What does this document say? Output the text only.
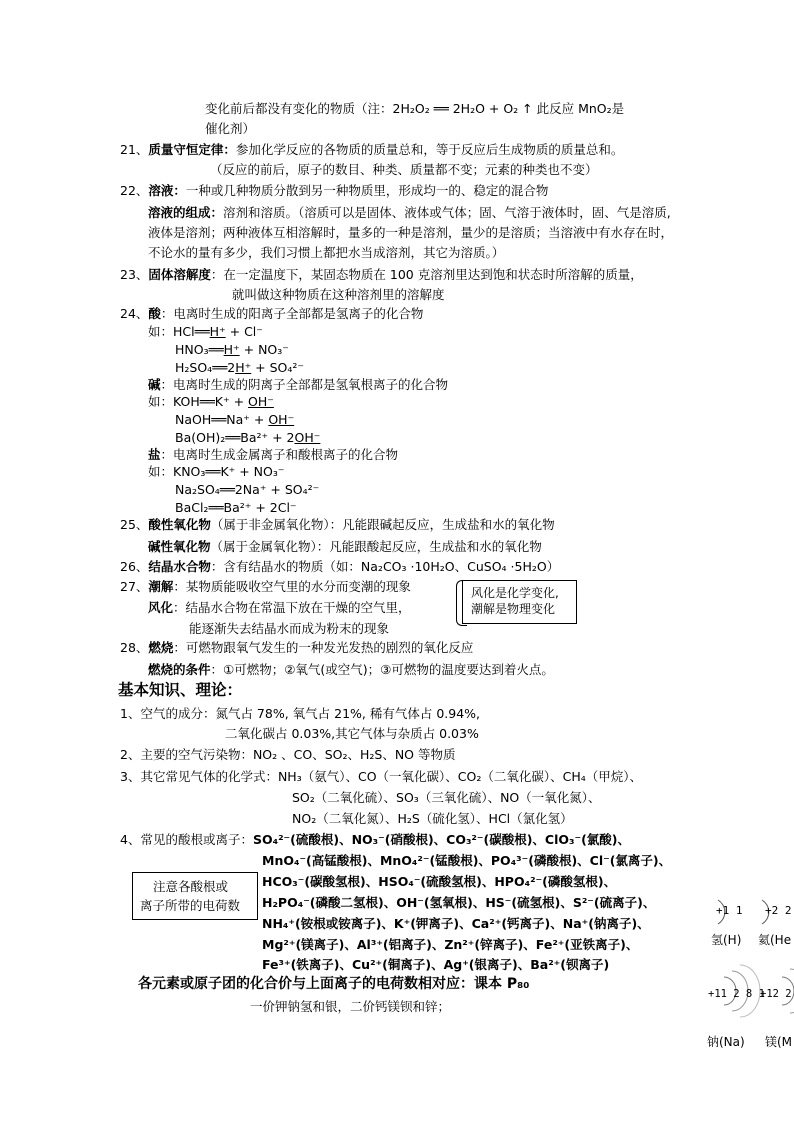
变化前后都没有变化的物质（注：2H₂O₂ ══ 2H₂O + O₂ ↑ 此反应 MnO₂是
催化剂）
21、质量守恒定律：参加化学反应的各物质的质量总和，等于反应后生成物质的质量总和。
（反应的前后，原子的数目、种类、质量都不变；元素的种类也不变）
22、溶液：一种或几种物质分散到另一种物质里，形成均一的、稳定的混合物
溶液的组成：溶剂和溶质。（溶质可以是固体、液体或气体；固、气溶于液体时，固、气是溶质,
液体是溶剂；两种液体互相溶解时，量多的一种是溶剂，量少的是溶质；当溶液中有水存在时，
不论水的量有多少，我们习惯上都把水当成溶剂，其它为溶质。）
23、固体溶解度：在一定温度下，某固态物质在 100 克溶剂里达到饱和状态时所溶解的质量，
就叫做这种物质在这种溶剂里的溶解度
24、酸：电离时生成的阳离子全部都是氢离子的化合物
如：HCl══H⁺ + Cl⁻
HNO₃══H⁺ + NO₃⁻
H₂SO₄══2H⁺ + SO₄²⁻
碱：电离时生成的阴离子全部都是氢氧根离子的化合物
如：KOH══K⁺ + OH⁻
NaOH══Na⁺ + OH⁻
Ba(OH)₂══Ba²⁺ + 2OH⁻
盐：电离时生成金属离子和酸根离子的化合物
如：KNO₃══K⁺ + NO₃⁻
Na₂SO₄══2Na⁺ + SO₄²⁻
BaCl₂══Ba²⁺ + 2Cl⁻
25、酸性氧化物（属于非金属氧化物）：凡能跟碱起反应，生成盐和水的氧化物
碱性氧化物（属于金属氧化物）：凡能跟酸起反应，生成盐和水的氧化物
26、结晶水合物：含有结晶水的物质（如：Na₂CO₃ ·10H₂O、CuSO₄ ·5H₂O）
27、潮解：某物质能吸收空气里的水分而变潮的现象
风化：结晶水合物在常温下放在干燥的空气里，
能逐渐失去结晶水而成为粉末的现象
风化是化学变化,
潮解是物理变化
28、燃烧：可燃物跟氧气发生的一种发光发热的剧烈的氧化反应
燃烧的条件：①可燃物；②氧气(或空气)；③可燃物的温度要达到着火点。
基本知识、理论：
1、空气的成分：氮气占 78%, 氧气占 21%, 稀有气体占 0.94%,
二氧化碳占 0.03%,其它气体与杂质占 0.03%
2、主要的空气污染物：NO₂ 、CO、SO₂、H₂S、NO 等物质
3、其它常见气体的化学式：NH₃（氨气）、CO（一氧化碳）、CO₂（二氧化碳）、CH₄（甲烷）、
SO₂（二氧化硫）、SO₃（三氧化硫）、NO（一氧化氮）、
NO₂（二氧化氮）、H₂S（硫化氢）、HCl（氯化氢）
4、常见的酸根或离子：SO₄²⁻(硫酸根)、NO₃⁻(硝酸根)、CO₃²⁻(碳酸根)、ClO₃⁻(氯酸)、
MnO₄⁻(高锰酸根)、MnO₄²⁻(锰酸根)、PO₄³⁻(磷酸根)、Cl⁻(氯离子)、
HCO₃⁻(碳酸氢根)、HSO₄⁻(硫酸氢根)、HPO₄²⁻(磷酸氢根)、
H₂PO₄⁻(磷酸二氢根)、OH⁻(氢氧根)、HS⁻(硫氢根)、S²⁻(硫离子)、
NH₄⁺(铵根或铵离子)、K⁺(钾离子)、Ca²⁺(钙离子)、Na⁺(钠离子)、
Mg²⁺(镁离子)、Al³⁺(铝离子)、Zn²⁺(锌离子)、Fe²⁺(亚铁离子)、
Fe³⁺(铁离子)、Cu²⁺(铜离子)、Ag⁺(银离子)、Ba²⁺(钡离子)
注意各酸根或
离子所带的电荷数
各元素或原子团的化合价与上面离子的电荷数相对应：课本 P₈₀
一价钾钠氢和银，二价钙镁钡和锌；
+1 1 +2 2
氢(H) 氦(He
+11 2 8 1
+12 2
钠(Na) 镁(M
